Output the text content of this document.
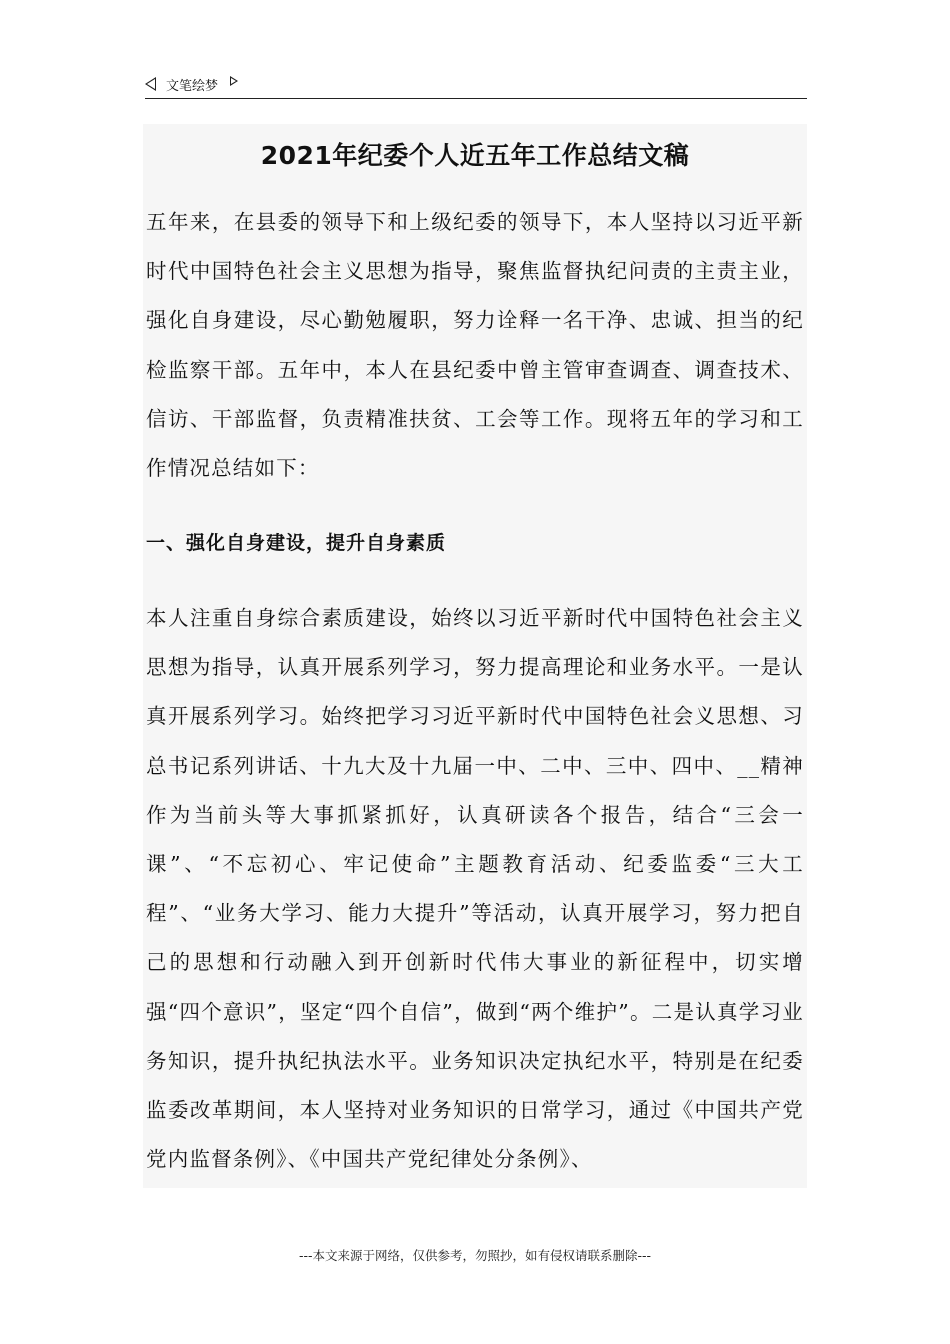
文笔绘梦
2021年纪委个人近五年工作总结文稿

五年来，在县委的领导下和上级纪委的领导下，本人坚持以习近平新时代中国特色社会主义思想为指导，聚焦监督执纪问责的主责主业，强化自身建设，尽心勤勉履职，努力诠释一名干净、忠诚、担当的纪检监察干部。五年中，本人在县纪委中曾主管审查调查、调查技术、信访、干部监督，负责精准扶贫、工会等工作。现将五年的学习和工作情况总结如下：

一、强化自身建设，提升自身素质

本人注重自身综合素质建设，始终以习近平新时代中国特色社会主义思想为指导，认真开展系列学习，努力提高理论和业务水平。一是认真开展系列学习。始终把学习习近平新时代中国特色社会义思想、习总书记系列讲话、十九大及十九届一中、二中、三中、四中、__精神作为当前头等大事抓紧抓好，认真研读各个报告，结合“三会一课”、“不忘初心、牢记使命”主题教育活动、纪委监委“三大工程”、“业务大学习、能力大提升”等活动，认真开展学习，努力把自己的思想和行动融入到开创新时代伟大事业的新征程中，切实增强“四个意识”，坚定“四个自信”，做到“两个维护”。二是认真学习业务知识，提升执纪执法水平。业务知识决定执纪水平，特别是在纪委监委改革期间，本人坚持对业务知识的日常学习，通过《中国共产党党内监督条例》、《中国共产党纪律处分条例》、

---本文来源于网络，仅供参考，勿照抄，如有侵权请联系删除---
